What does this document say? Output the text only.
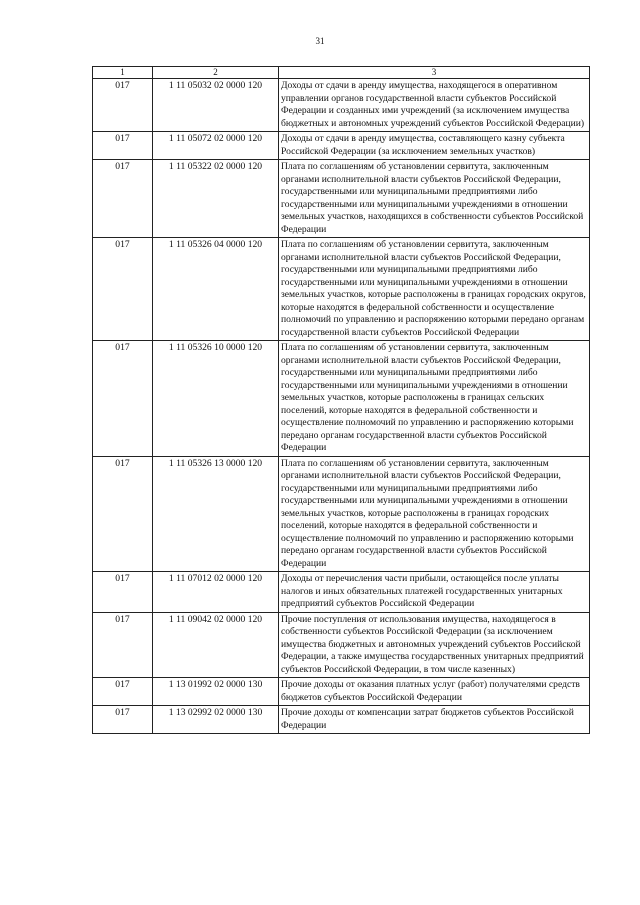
31
1	2	3
017	1 11 05032 02 0000 120	Доходы от сдачи в аренду имущества, находящегося в оперативном управлении органов государственной власти субъектов Российской Федерации и созданных ими учреждений (за исключением имущества бюджетных и автономных учреждений субъектов Российской Федерации)
017	1 11 05072 02 0000 120	Доходы от сдачи в аренду имущества, составляющего казну субъекта Российской Федерации (за исключением земельных участков)
017	1 11 05322 02 0000 120	Плата по соглашениям об установлении сервитута, заключенным органами исполнительной власти субъектов Российской Федерации, государственными или муниципальными предприятиями либо государственными или муниципальными учреждениями в отношении земельных участков, находящихся в собственности субъектов Российской Федерации
017	1 11 05326 04 0000 120	Плата по соглашениям об установлении сервитута, заключенным органами исполнительной власти субъектов Российской Федерации, государственными или муниципальными предприятиями либо государственными или муниципальными учреждениями в отношении земельных участков, которые расположены в границах городских округов, которые находятся в федеральной собственности и осуществление полномочий по управлению и распоряжению которыми передано органам государственной власти субъектов Российской Федерации
017	1 11 05326 10 0000 120	Плата по соглашениям об установлении сервитута, заключенным органами исполнительной власти субъектов Российской Федерации, государственными или муниципальными предприятиями либо государственными или муниципальными учреждениями в отношении земельных участков, которые расположены в границах сельских поселений, которые находятся в федеральной собственности и осуществление полномочий по управлению и распоряжению которыми передано органам государственной власти субъектов Российской Федерации
017	1 11 05326 13 0000 120	Плата по соглашениям об установлении сервитута, заключенным органами исполнительной власти субъектов Российской Федерации, государственными или муниципальными предприятиями либо государственными или муниципальными учреждениями в отношении земельных участков, которые расположены в границах городских поселений, которые находятся в федеральной собственности и осуществление полномочий по управлению и распоряжению которыми передано органам государственной власти субъектов Российской Федерации
017	1 11 07012 02 0000 120	Доходы от перечисления части прибыли, остающейся после уплаты налогов и иных обязательных платежей государственных унитарных предприятий субъектов Российской Федерации
017	1 11 09042 02 0000 120	Прочие поступления от использования имущества, находящегося в собственности субъектов Российской Федерации (за исключением имущества бюджетных и автономных учреждений субъектов Российской Федерации, а также имущества государственных унитарных предприятий субъектов Российской Федерации, в том числе казенных)
017	1 13 01992 02 0000 130	Прочие доходы от оказания платных услуг (работ) получателями средств бюджетов субъектов Российской Федерации
017	1 13 02992 02 0000 130	Прочие доходы от компенсации затрат бюджетов субъектов Российской Федерации
